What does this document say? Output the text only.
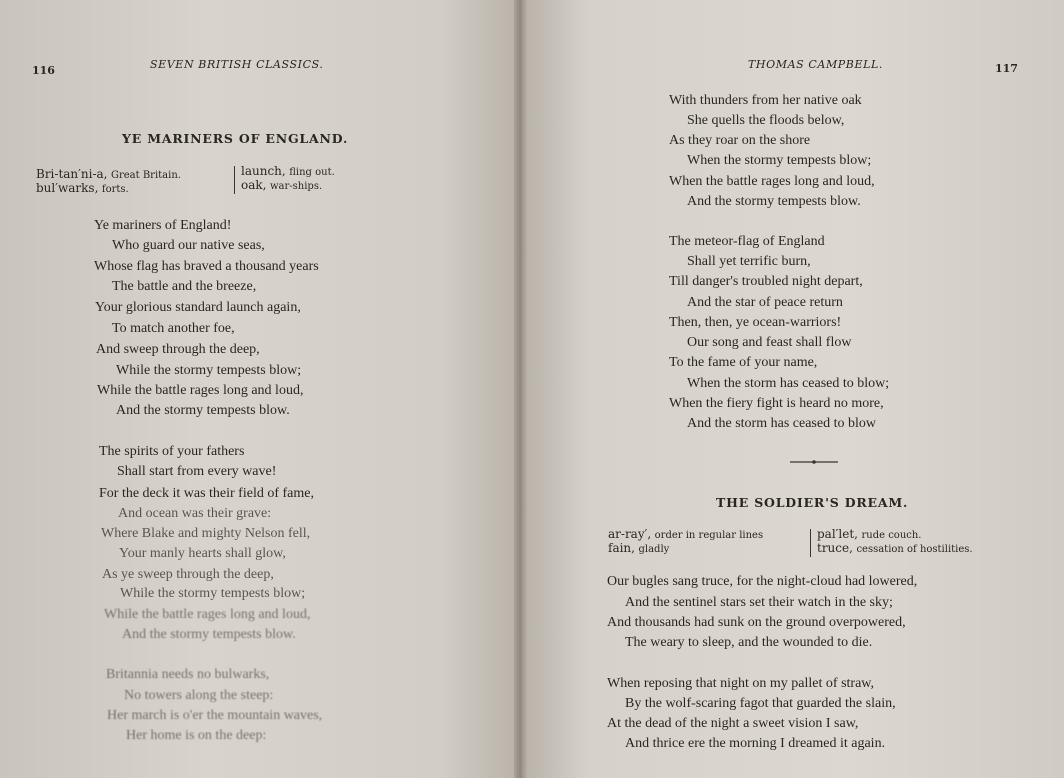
116	SEVEN BRITISH CLASSICS.
YE MARINERS OF ENGLAND.
Bri-tan′ni-a, Great Britain.
bul′warks, forts.
launch, fling out.
oak, war-ships.
Ye mariners of England!
Who guard our native seas,
Whose flag has braved a thousand years
The battle and the breeze,
Your glorious standard launch again,
To match another foe,
And sweep through the deep,
While the stormy tempests blow;
While the battle rages long and loud,
And the stormy tempests blow.
The spirits of your fathers
Shall start from every wave!
For the deck it was their field of fame,
And ocean was their grave:
Where Blake and mighty Nelson fell,
Your manly hearts shall glow,
As ye sweep through the deep,
While the stormy tempests blow;
While the battle rages long and loud,
And the stormy tempests blow.
Britannia needs no bulwarks,
No towers along the steep:
Her march is o'er the mountain waves,
Her home is on the deep:
THOMAS CAMPBELL.	117
With thunders from her native oak
She quells the floods below,
As they roar on the shore
When the stormy tempests blow;
When the battle rages long and loud,
And the stormy tempests blow.
The meteor-flag of England
Shall yet terrific burn,
Till danger's troubled night depart,
And the star of peace return
Then, then, ye ocean-warriors!
Our song and feast shall flow
To the fame of your name,
When the storm has ceased to blow;
When the fiery fight is heard no more,
And the storm has ceased to blow
THE SOLDIER'S DREAM.
ar-ray′, order in regular lines
fain, gladly
pal′let, rude couch.
truce, cessation of hostilities.
Our bugles sang truce, for the night-cloud had lowered,
And the sentinel stars set their watch in the sky;
And thousands had sunk on the ground overpowered,
The weary to sleep, and the wounded to die.
When reposing that night on my pallet of straw,
By the wolf-scaring fagot that guarded the slain,
At the dead of the night a sweet vision I saw,
And thrice ere the morning I dreamed it again.
